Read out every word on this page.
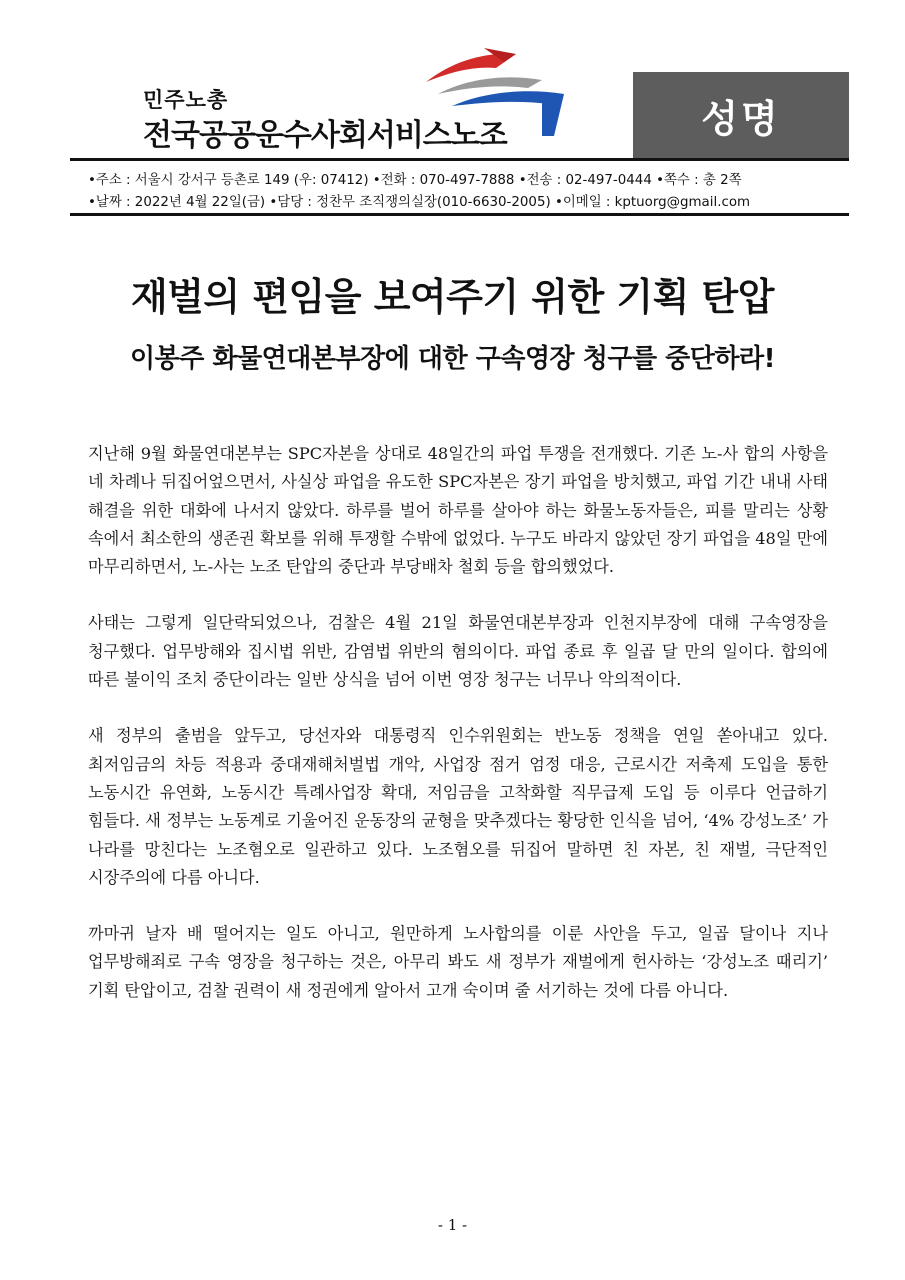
민주노총
전국공공운수사회서비스노조	성명
•주소 : 서울시 강서구 등촌로 149 (우: 07412) •전화 : 070-497-7888 •전송 : 02-497-0444 •쪽수 : 총 2쪽
•날짜 : 2022년 4월 22일(금) •담당 : 정찬무 조직쟁의실장(010-6630-2005) •이메일 : kptuorg@gmail.com
재벌의 편임을 보여주기 위한 기획 탄압
이봉주 화물연대본부장에 대한 구속영장 청구를 중단하라!

지난해 9월 화물연대본부는 SPC자본을 상대로 48일간의 파업 투쟁을 전개했다. 기존 노-사 합의 사항을 네 차례나 뒤집어엎으면서, 사실상 파업을 유도한 SPC자본은 장기 파업을 방치했고, 파업 기간 내내 사태 해결을 위한 대화에 나서지 않았다. 하루를 벌어 하루를 살아야 하는 화물노동자들은, 피를 말리는 상황 속에서 최소한의 생존권 확보를 위해 투쟁할 수밖에 없었다. 누구도 바라지 않았던 장기 파업을 48일 만에 마무리하면서, 노-사는 노조 탄압의 중단과 부당배차 철회 등을 합의했었다.

사태는 그렇게 일단락되었으나, 검찰은 4월 21일 화물연대본부장과 인천지부장에 대해 구속영장을 청구했다. 업무방해와 집시법 위반, 감염법 위반의 혐의이다. 파업 종료 후 일곱 달 만의 일이다. 합의에 따른 불이익 조치 중단이라는 일반 상식을 넘어 이번 영장 청구는 너무나 악의적이다.

새 정부의 출범을 앞두고, 당선자와 대통령직 인수위원회는 반노동 정책을 연일 쏟아내고 있다. 최저임금의 차등 적용과 중대재해처벌법 개악, 사업장 점거 엄정 대응, 근로시간 저축제 도입을 통한 노동시간 유연화, 노동시간 특례사업장 확대, 저임금을 고착화할 직무급제 도입 등 이루다 언급하기 힘들다. 새 정부는 노동계로 기울어진 운동장의 균형을 맞추겠다는 황당한 인식을 넘어, ‘4% 강성노조’ 가 나라를 망친다는 노조혐오로 일관하고 있다. 노조혐오를 뒤집어 말하면 친 자본, 친 재벌, 극단적인 시장주의에 다름 아니다.

까마귀 날자 배 떨어지는 일도 아니고, 원만하게 노사합의를 이룬 사안을 두고, 일곱 달이나 지나 업무방해죄로 구속 영장을 청구하는 것은, 아무리 봐도 새 정부가 재벌에게 헌사하는 ‘강성노조 때리기’ 기획 탄압이고, 검찰 권력이 새 정권에게 알아서 고개 숙이며 줄 서기하는 것에 다름 아니다.

- 1 -
